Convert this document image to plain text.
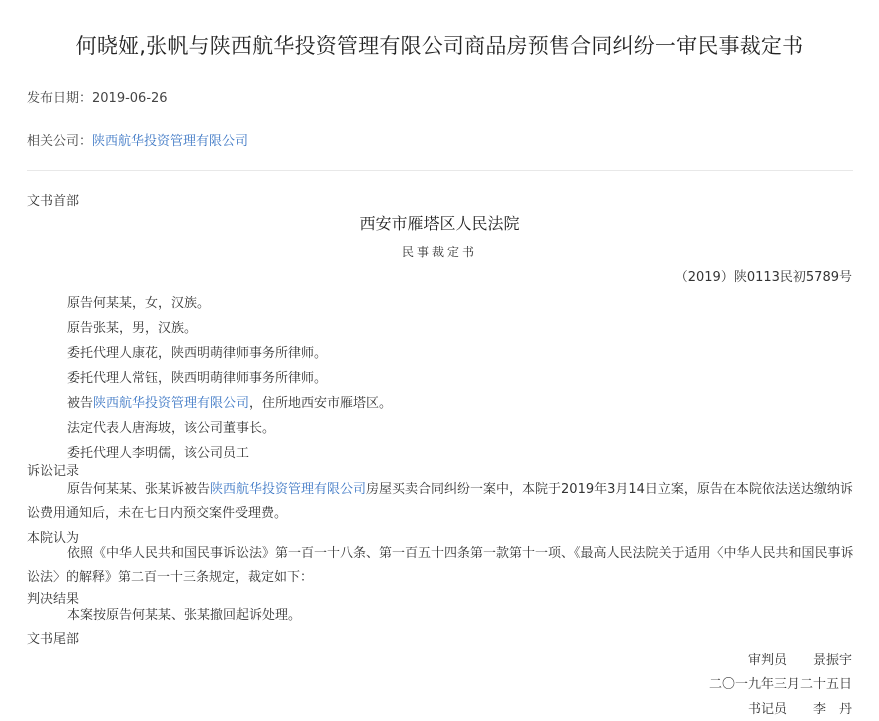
何晓娅,张帆与陕西航华投资管理有限公司商品房预售合同纠纷一审民事裁定书
发布日期：2019-06-26
相关公司：陕西航华投资管理有限公司
文书首部
西安市雁塔区人民法院
民事裁定书
（2019）陕0113民初5789号
原告何某某，女，汉族。
原告张某，男，汉族。
委托代理人康花，陕西明萌律师事务所律师。
委托代理人常钰，陕西明萌律师事务所律师。
被告陕西航华投资管理有限公司，住所地西安市雁塔区。
法定代表人唐海坡，该公司董事长。
委托代理人李明儒，该公司员工
诉讼记录
原告何某某、张某诉被告陕西航华投资管理有限公司房屋买卖合同纠纷一案中，本院于2019年3月14日立案，原告在本院依法送达缴纳诉讼费用通知后，未在七日内预交案件受理费。
本院认为
依照《中华人民共和国民事诉讼法》第一百一十八条、第一百五十四条第一款第十一项、《最高人民法院关于适用〈中华人民共和国民事诉讼法〉的解释》第二百一十三条规定，裁定如下：
判决结果
本案按原告何某某、张某撤回起诉处理。
文书尾部
审判员　　景振宇
二〇一九年三月二十五日
书记员　　李　丹
